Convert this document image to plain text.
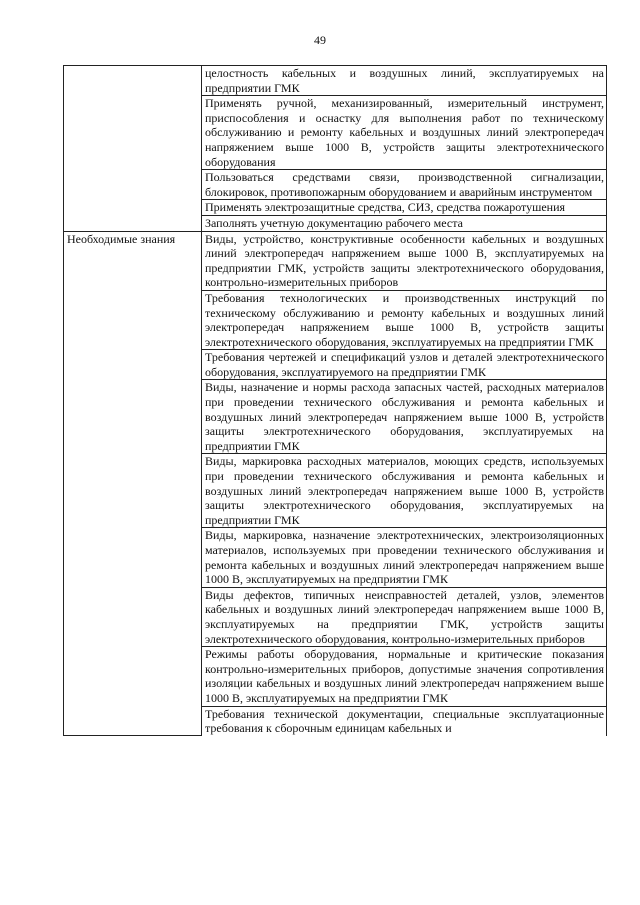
49
	целостность кабельных и воздушных линий, эксплуатируемых на предприятии ГМК
	Применять ручной, механизированный, измерительный инструмент, приспособления и оснастку для выполнения работ по техническому обслуживанию и ремонту кабельных и воздушных линий электропередач напряжением выше 1000 В, устройств защиты электротехнического оборудования
	Пользоваться средствами связи, производственной сигнализации, блокировок, противопожарным оборудованием и аварийным инструментом
	Применять электрозащитные средства, СИЗ, средства пожаротушения
	Заполнять учетную документацию рабочего места
Необходимые знания	Виды, устройство, конструктивные особенности кабельных и воздушных линий электропередач напряжением выше 1000 В, эксплуатируемых на предприятии ГМК, устройств защиты электротехнического оборудования, контрольно-измерительных приборов
	Требования технологических и производственных инструкций по техническому обслуживанию и ремонту кабельных и воздушных линий электропередач напряжением выше 1000 В, устройств защиты электротехнического оборудования, эксплуатируемых на предприятии ГМК
	Требования чертежей и спецификаций узлов и деталей электротехнического оборудования, эксплуатируемого на предприятии ГМК
	Виды, назначение и нормы расхода запасных частей, расходных материалов при проведении технического обслуживания и ремонта кабельных и воздушных линий электропередач напряжением выше 1000 В, устройств защиты электротехнического оборудования, эксплуатируемых на предприятии ГМК
	Виды, маркировка расходных материалов, моющих средств, используемых при проведении технического обслуживания и ремонта кабельных и воздушных линий электропередач напряжением выше 1000 В, устройств защиты электротехнического оборудования, эксплуатируемых на предприятии ГМК
	Виды, маркировка, назначение электротехнических, электроизоляционных материалов, используемых при проведении технического обслуживания и ремонта кабельных и воздушных линий электропередач напряжением выше 1000 В, эксплуатируемых на предприятии ГМК
	Виды дефектов, типичных неисправностей деталей, узлов, элементов кабельных и воздушных линий электропередач напряжением выше 1000 В, эксплуатируемых на предприятии ГМК, устройств защиты электротехнического оборудования, контрольно-измерительных приборов
	Режимы работы оборудования, нормальные и критические показания контрольно-измерительных приборов, допустимые значения сопротивления изоляции кабельных и воздушных линий электропередач напряжением выше 1000 В, эксплуатируемых на предприятии ГМК
	Требования технической документации, специальные эксплуатационные требования к сборочным единицам кабельных и
